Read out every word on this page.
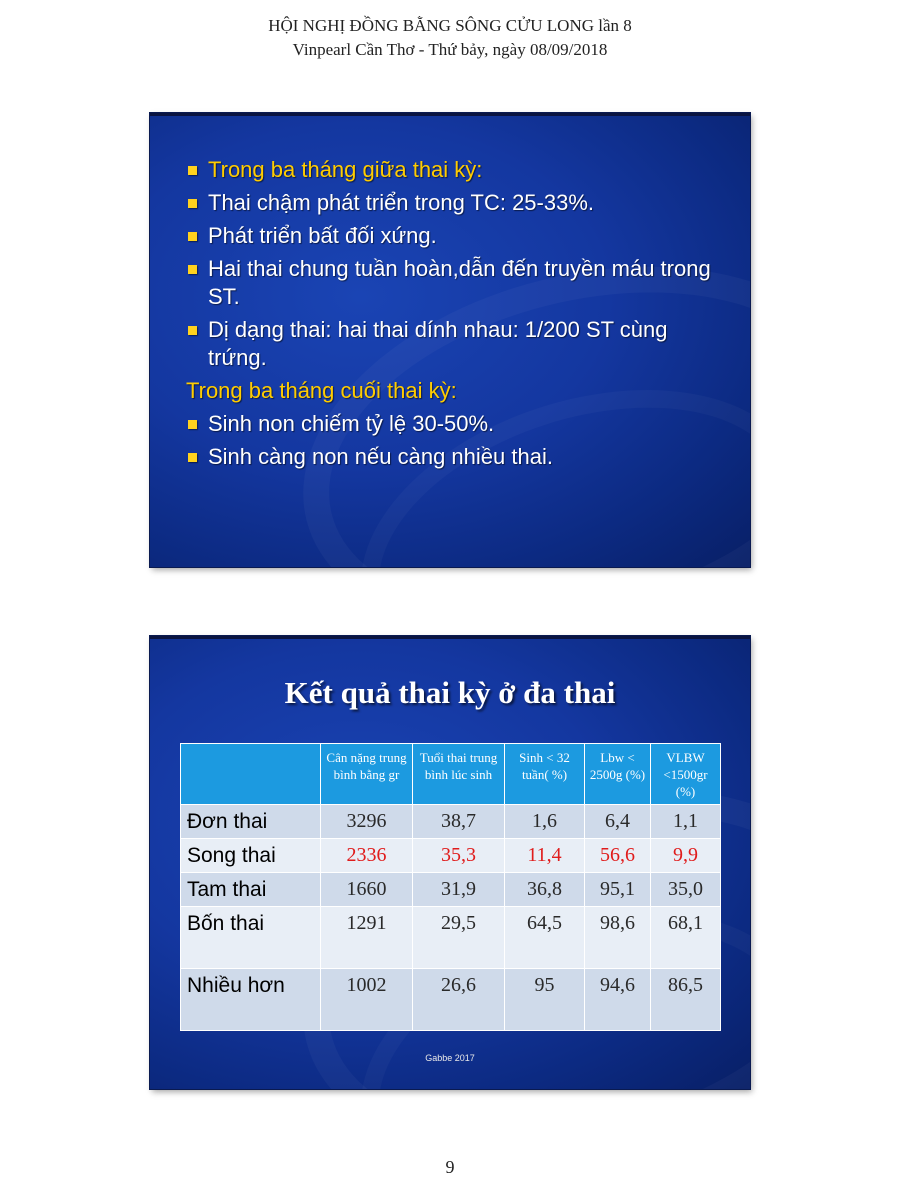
HỘI NGHỊ ĐỒNG BẰNG SÔNG CỬU LONG lần 8
Vinpearl Cần Thơ - Thứ bảy, ngày 08/09/2018
Trong ba tháng giữa thai kỳ:
Thai chậm phát triển trong TC: 25-33%.
Phát triển bất đối xứng.
Hai thai chung tuần hoàn,dẫn đến truyền máu trong ST.
Dị dạng thai: hai thai dính nhau: 1/200 ST cùng trứng.
Trong ba tháng cuối thai kỳ:
Sinh non chiếm tỷ lệ 30-50%.
Sinh càng non nếu càng nhiều thai.
Kết quả thai kỳ ở đa thai
	Cân nặng trung bình bằng gr	Tuổi thai trung bình lúc sinh	Sinh < 32 tuần( %)	Lbw < 2500g (%)	VLBW <1500gr (%)
Đơn thai	3296	38,7	1,6	6,4	1,1
Song thai	2336	35,3	11,4	56,6	9,9
Tam thai	1660	31,9	36,8	95,1	35,0
Bốn thai	1291	29,5	64,5	98,6	68,1
Nhiều hơn	1002	26,6	95	94,6	86,5
Gabbe 2017
9
